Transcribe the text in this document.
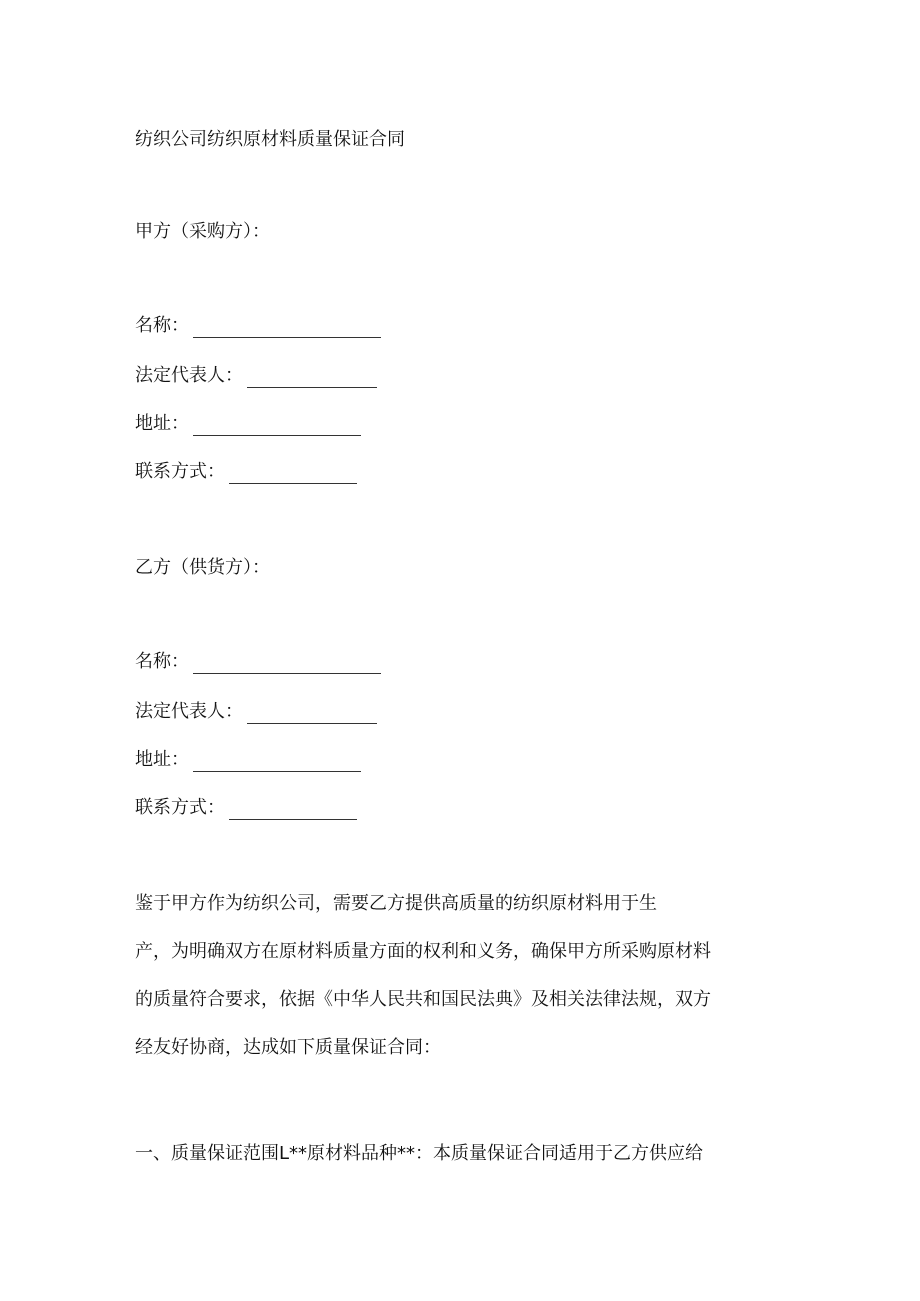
纺织公司纺织原材料质量保证合同
甲方（采购方）：
名称：
法定代表人：
地址：
联系方式：
乙方（供货方）：
名称：
法定代表人：
地址：
联系方式：
鉴于甲方作为纺织公司，需要乙方提供高质量的纺织原材料用于生
产，为明确双方在原材料质量方面的权利和义务，确保甲方所采购原材料
的质量符合要求，依据《中华人民共和国民法典》及相关法律法规，双方
经友好协商，达成如下质量保证合同：
一、质量保证范围L**原材料品种**：本质量保证合同适用于乙方供应给
